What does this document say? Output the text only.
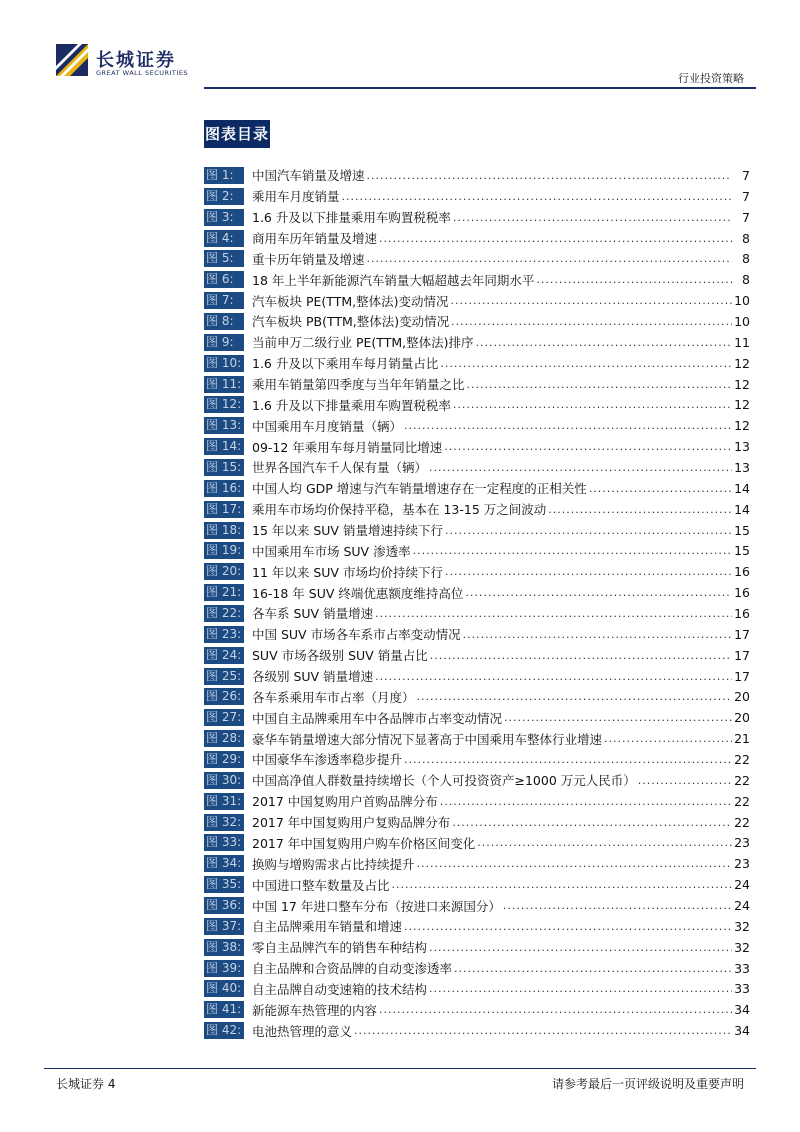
长城证券
GREAT WALL SECURITIES	行业投资策略
图表目录
图 1:	中国汽车销量及增速 .....	7
图 2:	乘用车月度销量 .....	7
图 3:	1.6 升及以下排量乘用车购置税税率 .....	7
图 4:	商用车历年销量及增速 .....	8
图 5:	重卡历年销量及增速 .....	8
图 6:	18 年上半年新能源汽车销量大幅超越去年同期水平 .....	8
图 7:	汽车板块 PE(TTM,整体法)变动情况 .....	10
图 8:	汽车板块 PB(TTM,整体法)变动情况 .....	10
图 9:	当前申万二级行业 PE(TTM,整体法)排序 .....	11
图 10: 1.6 升及以下乘用车每月销量占比 .....	12
图 11: 乘用车销量第四季度与当年年销量之比 .....	12
图 12: 1.6 升及以下排量乘用车购置税税率 .....	12
图 13: 中国乘用车月度销量（辆） .....	12
图 14: 09-12 年乘用车每月销量同比增速 .....	13
图 15: 世界各国汽车千人保有量（辆） .....	13
图 16: 中国人均 GDP 增速与汽车销量增速存在一定程度的正相关性 .....	14
图 17: 乘用车市场均价保持平稳，基本在 13-15 万之间波动 .....	14
图 18: 15 年以来 SUV 销量增速持续下行 .....	15
图 19: 中国乘用车市场 SUV 渗透率 .....	15
图 20: 11 年以来 SUV 市场均价持续下行 .....	16
图 21: 16-18 年 SUV 终端优惠额度维持高位 .....	16
图 22: 各车系 SUV 销量增速 .....	16
图 23: 中国 SUV 市场各车系市占率变动情况 .....	17
图 24: SUV 市场各级别 SUV 销量占比 .....	17
图 25: 各级别 SUV 销量增速 .....	17
图 26: 各车系乘用车市占率（月度） .....	20
图 27: 中国自主品牌乘用车中各品牌市占率变动情况 .....	20
图 28: 豪华车销量增速大部分情况下显著高于中国乘用车整体行业增速 .....	21
图 29: 中国豪华车渗透率稳步提升 .....	22
图 30: 中国高净值人群数量持续增长（个人可投资资产≥1000 万元人民币） .....	22
图 31: 2017 中国复购用户首购品牌分布 .....	22
图 32: 2017 年中国复购用户复购品牌分布 .....	22
图 33: 2017 年中国复购用户购车价格区间变化 .....	23
图 34: 换购与增购需求占比持续提升 .....	23
图 35: 中国进口整车数量及占比 .....	24
图 36: 中国 17 年进口整车分布（按进口来源国分） .....	24
图 37: 自主品牌乘用车销量和增速 .....	32
图 38: 零自主品牌汽车的销售车种结构 .....	32
图 39: 自主品牌和合资品牌的自动变渗透率 .....	33
图 40: 自主品牌自动变速箱的技术结构 .....	33
图 41: 新能源车热管理的内容 .....	34
图 42: 电池热管理的意义 .....	34
长城证券 4	请参考最后一页评级说明及重要声明
